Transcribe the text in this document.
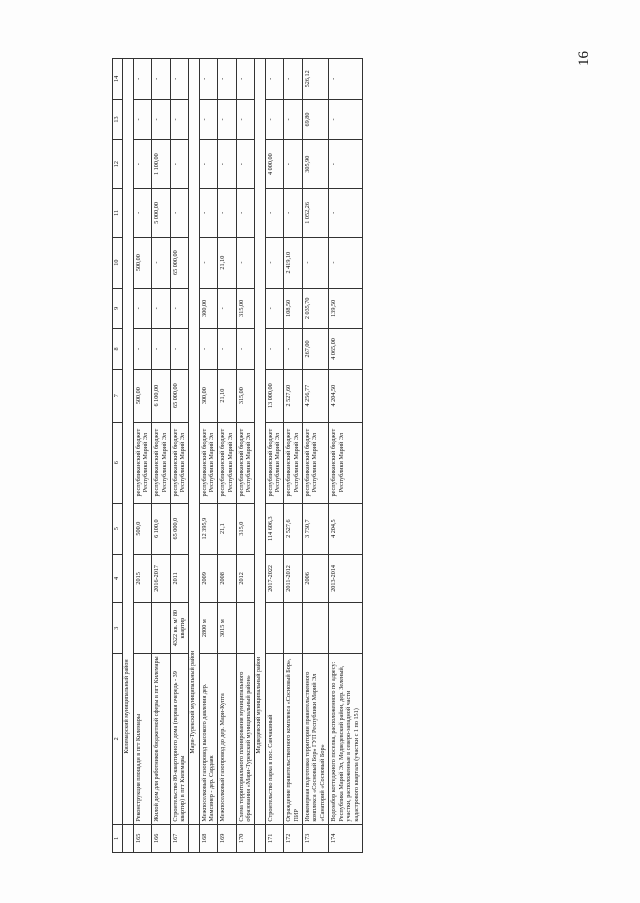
16
1	2	3	4	5	6	7	8	9	10	11	12	13	14
	Килемарский муниципальный район												
165	Реконструкция площади в пгт Килемары		2015	500,0	республиканский бюджет Республики Марий Эл	500,00	-	-	500,00	-	-	-	-
166	Жилой дом для работников бюджетной сферы в пгт Килемары		2016-2017	6 100,0	республиканский бюджет Республики Марий Эл	6 100,00	-	-	-	5 000,00	1 100,00	-	-
167	Строительство 80-квартирного дома (первая очередь - 39 квартир) в пгт Килемары	4322 кв. м/ 80 квартир	2011	65 000,0	республиканский бюджет Республики Марий Эл	65 000,00	-	-	65 000,00	-	-	-	-
	Мари-Турекский муниципальный район												
168	Межпоселковый газопровод высокого давления дер. Мамсинер - дер. Сардаяк	2800 м	2009	12 395,9	республиканский бюджет Республики Марий Эл	300,00	-	300,00	-	-	-	-	-
169	Межпоселковый газопровод до дер. Мари-Купта	3015 м	2008	21,1	республиканский бюджет Республики Марий Эл	21,10	-	-	21,10	-	-	-	-
170	Схема территориального планирования муниципального образования «Мари-Турекский муниципальный район»		2012	315,0	республиканский бюджет Республики Марий Эл	315,00	-	315,00	-	-	-	-	-
	Медведевский муниципальный район												
171	Строительство парка в пос. Санчакиный		2017-2022	114 606,3	республиканский бюджет Республики Марий Эл	13 000,00	-	-	-	-	4 000,00	-	-
172	Ограждение правительственного комплекса «Сосновый Бор», ПИР		2011-2012	2 527,6	республиканский бюджет Республики Марий Эл	2 527,60	-	108,50	2 419,10	-	-	-	-
173	Инженерная подготовка территории правительственного комплекса «Сосновый Бор» ГУП Республики Марий Эл «Санаторий «Сосновый Бор»		2006	3 730,7	республиканский бюджет Республики Марий Эл	4 256,77	267,00	2 035,70	-	1 052,26	305,90	69,80	526,12
174	Водозабор коттеджного поселка, расположенного по адресу: Республика Марий Эл, Медведевский район, дер. Зеленый, участки, расположенные в северо-западной части кадастрового квартала (участки с 1 по 151)		2013-2014	4 204,5	республиканский бюджет Республики Марий Эл	4 204,50	4 065,00	139,50	-	-	-	-	-
